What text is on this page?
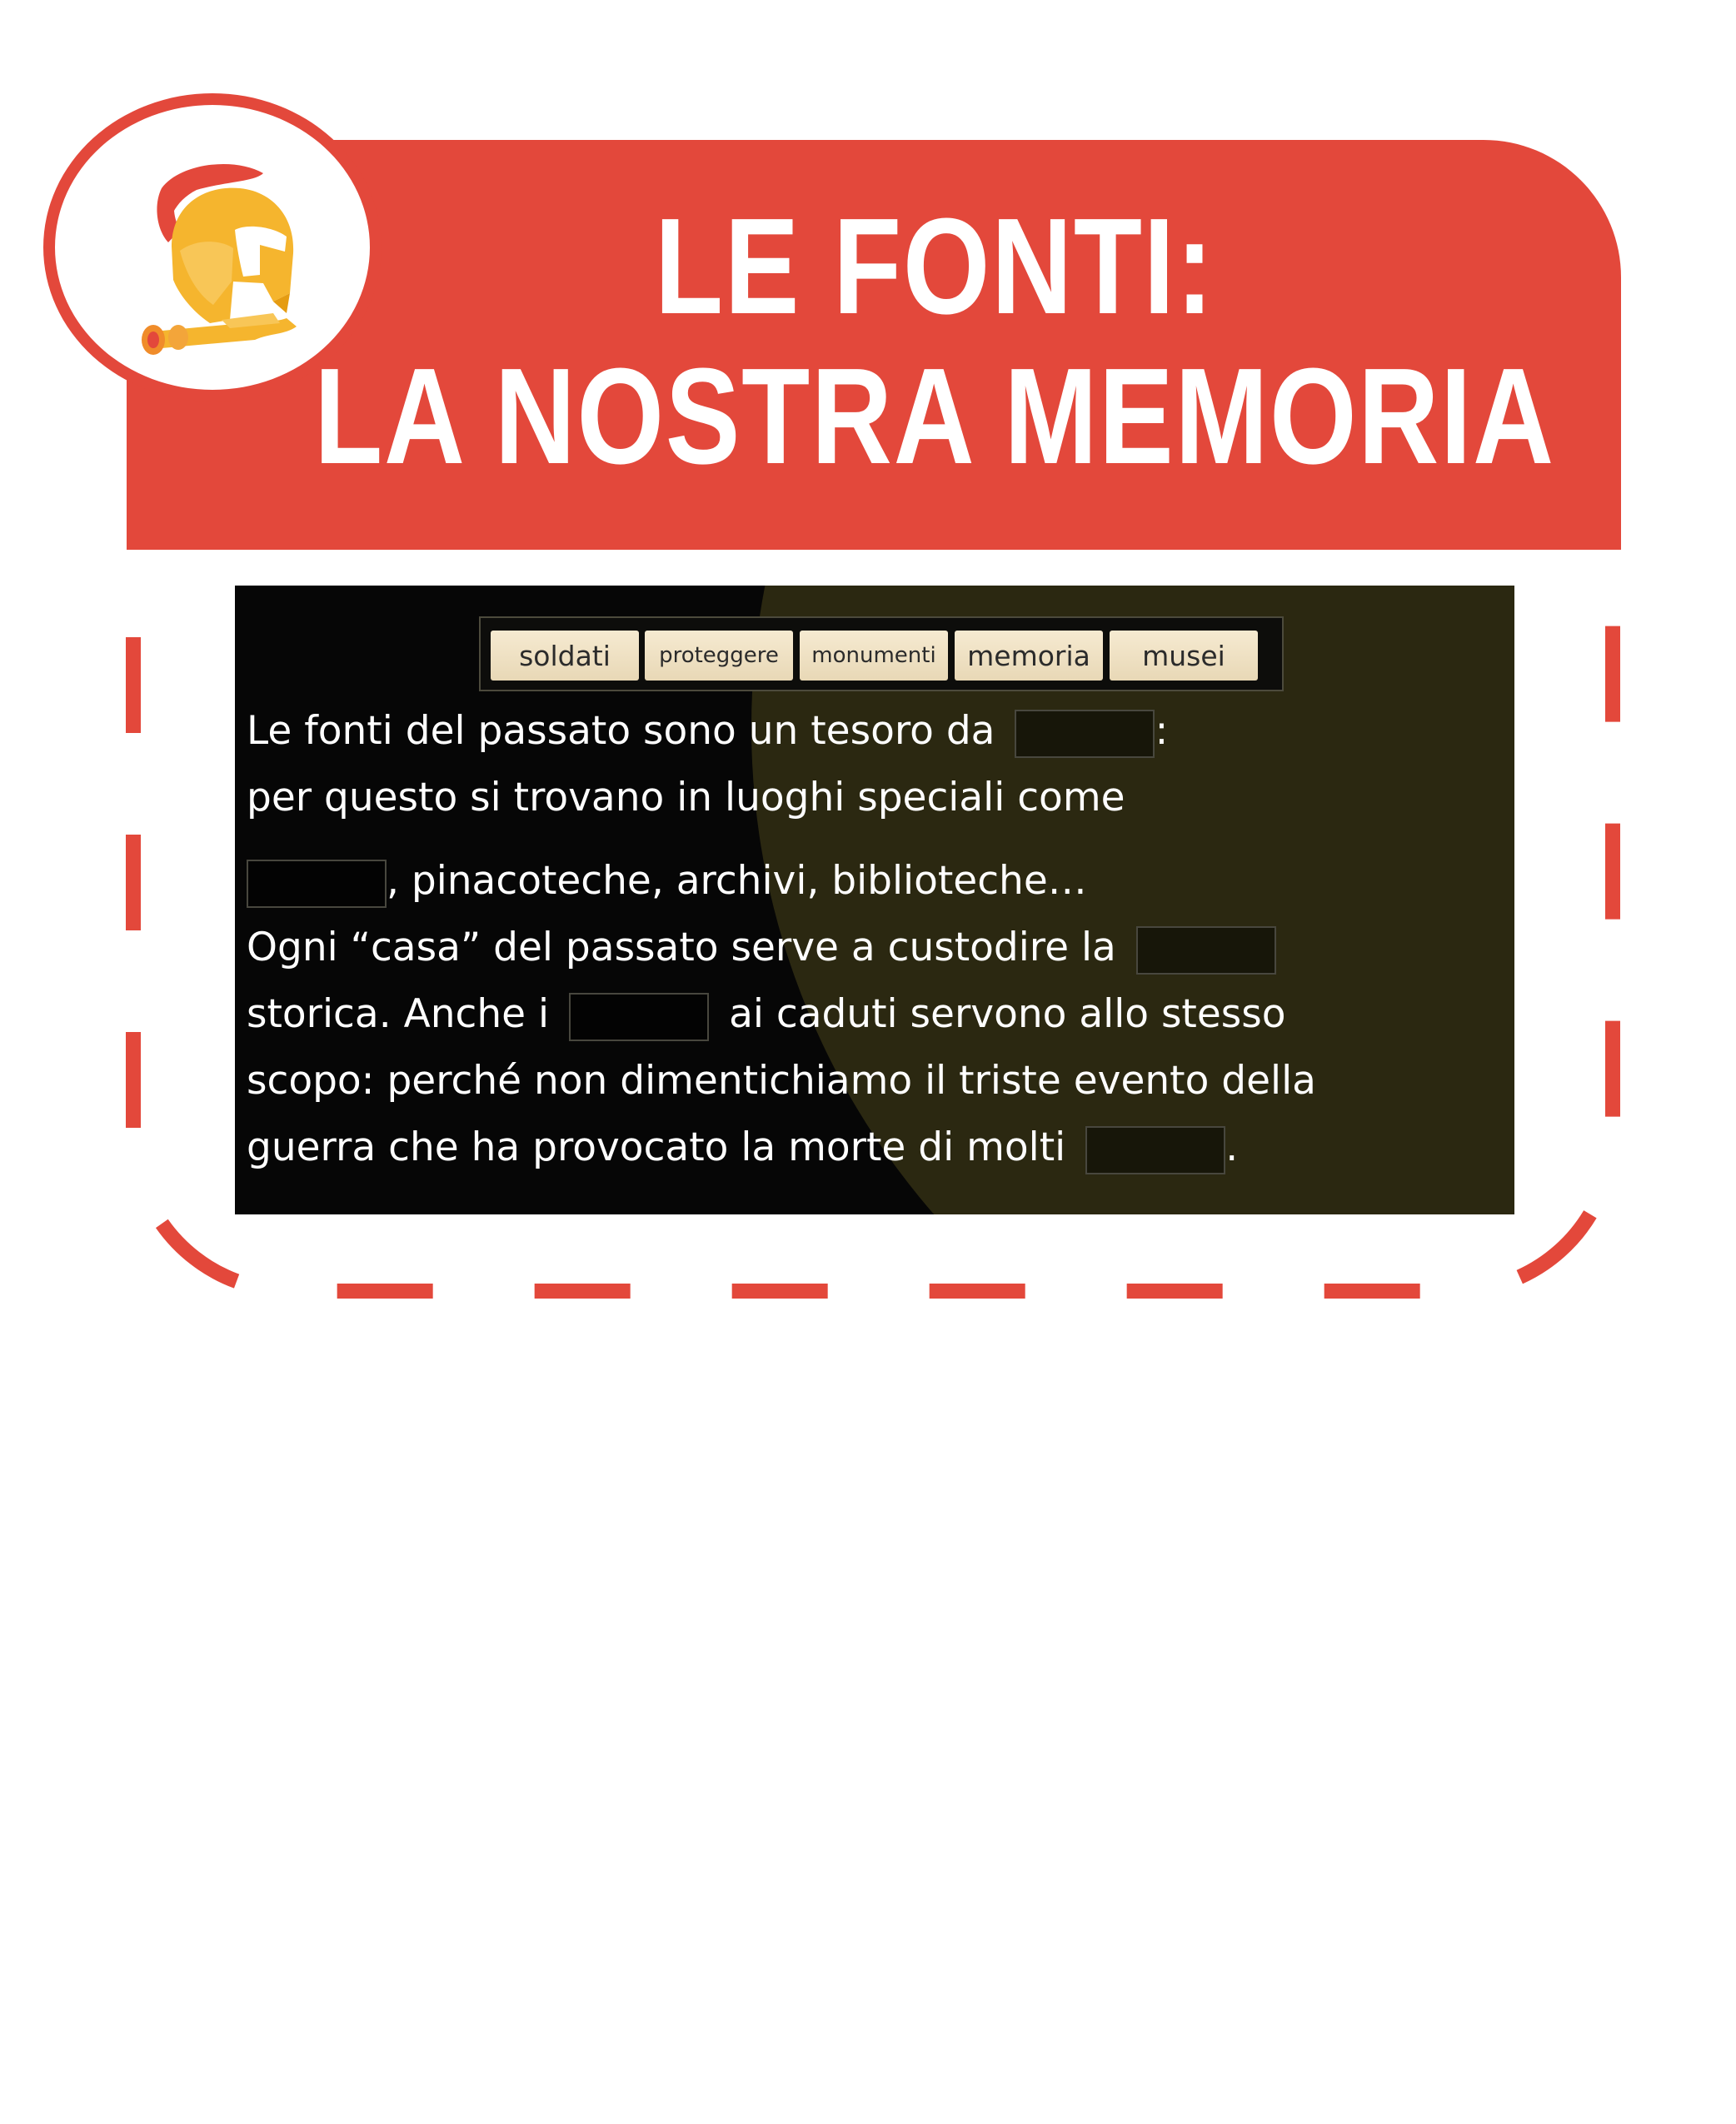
LE FONTI:
LA NOSTRA MEMORIA
soldati	proteggere	monumenti	memoria	musei

Le fonti del passato sono un tesoro da	:
per questo si trovano in luoghi speciali come
, pinacoteche, archivi, biblioteche…
Ogni “casa” del passato serve a custodire la
storica. Anche i	ai caduti servono allo stesso
scopo: perché non dimentichiamo il triste evento della
guerra che ha provocato la morte di molti	.
